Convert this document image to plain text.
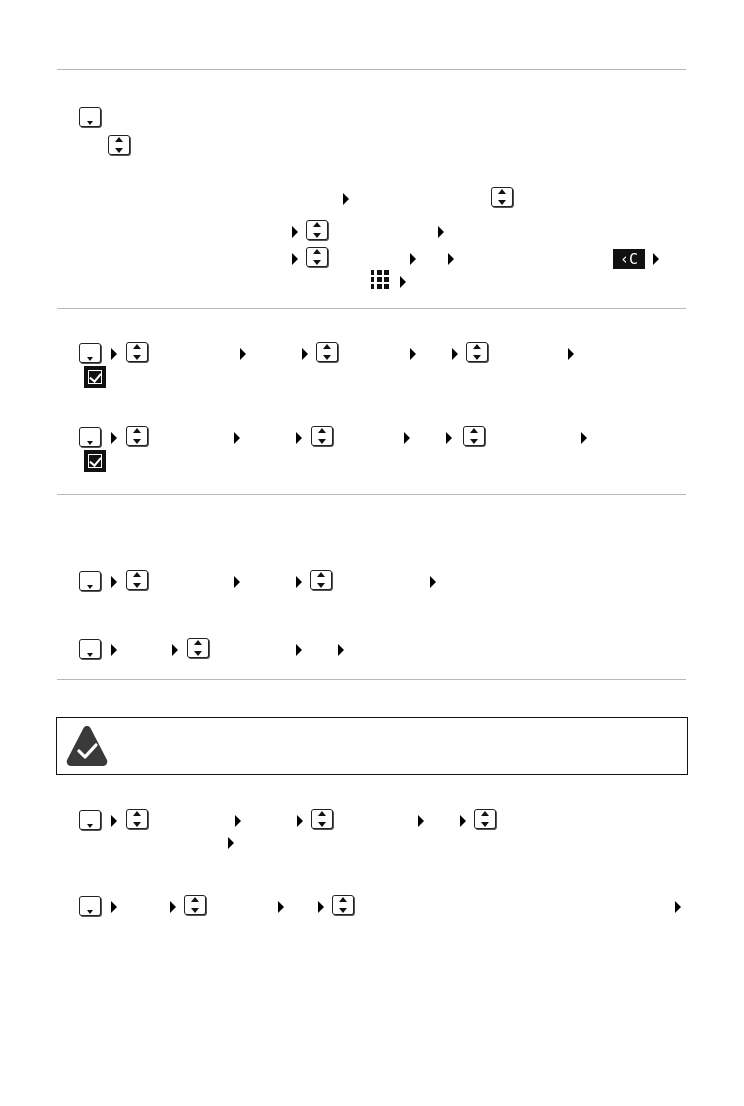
‹C
